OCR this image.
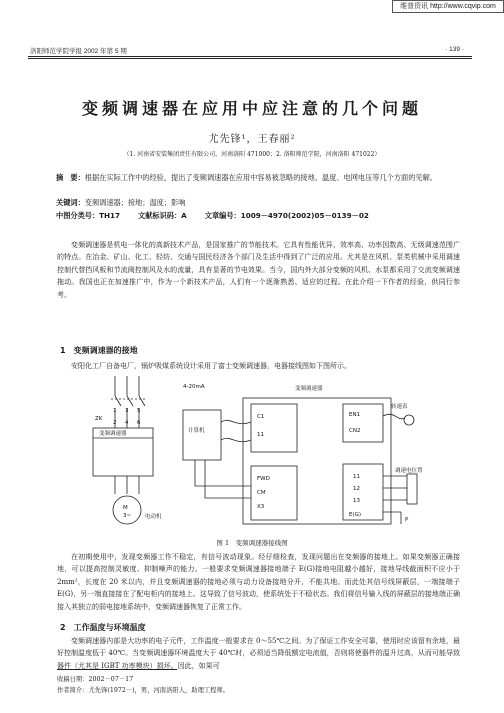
维普资讯 http://www.cqvip.com
洛阳师范学院学报 2002 年第 5 期	· 139 ·
变频调速器在应用中应注意的几个问题
尤先锋¹，王春丽²
（1. 河南省安装集团责任有限公司，河南洛阳 471000；2. 洛阳师范学院，河南洛阳 471022）
摘　要：根据在实际工作中的经验，提出了变频调速器在应用中容易被忽略的接地、温度、电网电压等几个方面的见解。
关键词：变频调速器；接地；温度；影响
中图分类号：TH17	文献标识码：A	文章编号：1009－4970(2002)05－0139－02
变频调速器是机电一体化的高新技术产品，是国家推广的节能技术。它具有性能优异、效率高、功率因数高、无级调速范围广的特点。在冶金、矿山、化工、轻纺、交通与国民经济各个部门及生活中得到了广泛的应用。尤其是在风机、泵类机械中采用调速控制代替挡风板和节流阀控制风及水的流量，具有显著的节电效果。当今，国内外大部分变频的风机、水泵都采用了交流变频调速拖动。我国也正在加速推广中，作为一个新技术产品，人们有一个逐渐熟悉、适应的过程。在此介绍一下作者的经验，供同行参考。
1　变频调速器的接地
安阳化工厂自备电厂，锅炉吸煤系统设计采用了富士变频调速器，电器接线图如下图所示。
4-20mA	变频调速器
ZK
1 3 5
2 4 6
变频调速器
M
3~	电动机
计算机
C1
11
FWD
CM
X3
EN1
CN2
11
12
13
E(G)
P
转速表
调速电位置
图 1　变频调速器接线图
在初期使用中，发现变频器工作不稳定，有信号波动现象。经仔细检查，发现问题出在变频器的接地上。如果变频器正确接地，可以提高控制灵敏度、抑制噪声的能力。一般要求变频调速器接地端子 E(G)接地电阻越小越好，接地导线截面积不应小于 2mm²，长度在 20 米以内，并且变频调速器的接地必须与动力设备接地分开，不能共地。而此处其信号线屏蔽层，一端接端子 E(G)，另一端直接接在了配电柜内的接地上。这导致了信号波动，使系统处于不稳状态。我们将信号输入线的屏蔽层的接地端正确接入其独立的弱电接地系统中，变频调速器恢复了正常工作。
2　工作温度与环境温度
变频调速器内部是大功率的电子元件，工作温度一般要求在 0～55℃之间。为了保证工作安全可靠，使用时应该留有余地，最好控制温度低于 40℃。当变频调速器环境温度大于 40℃时，必须适当降低额定电流值，否则将使器件的温升过高，从而可能导致器件（尤其是 IGBT 功率模块）损坏。因此，如果可
收稿日期：2002－07－17
作者简介：尤先锋(1972－)，男，河南洛阳人，助理工程师。
